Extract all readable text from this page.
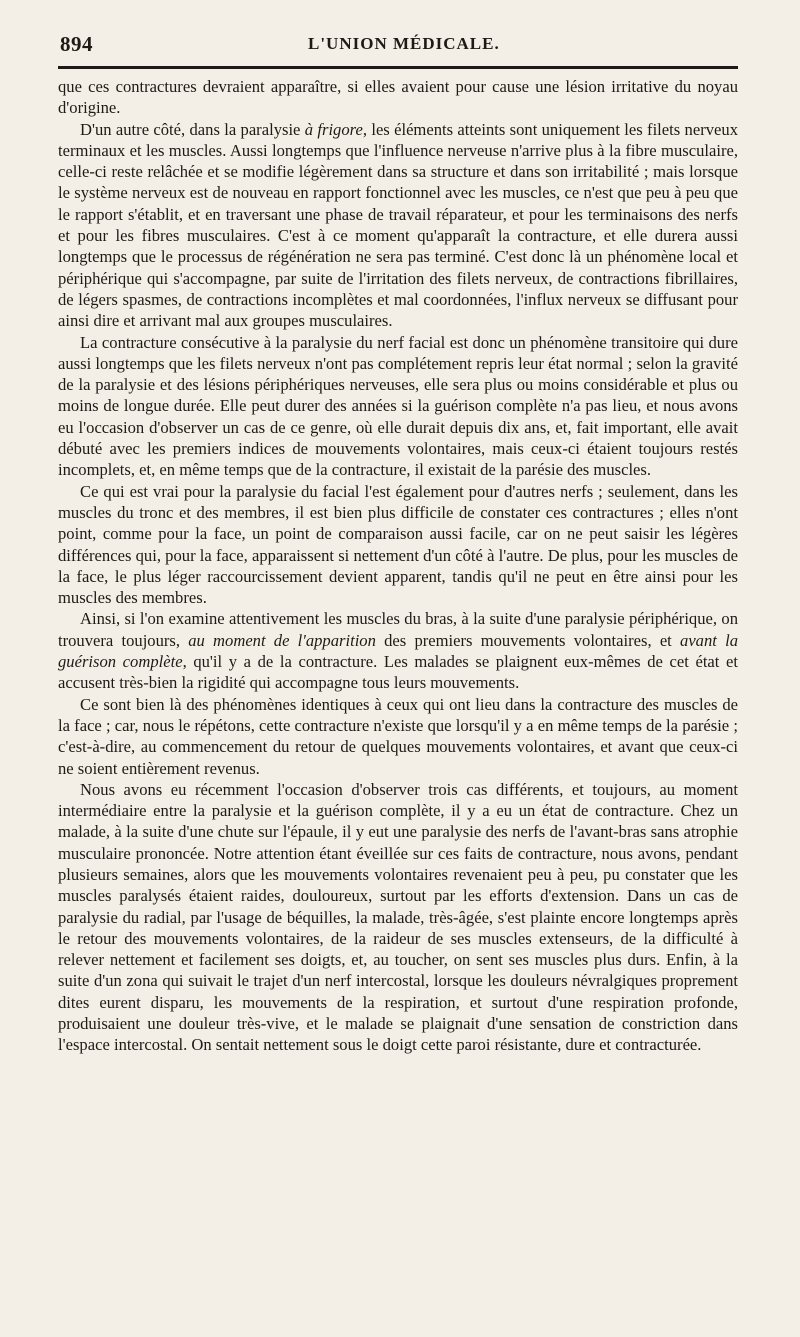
894	L'UNION MÉDICALE.

que ces contractures devraient apparaître, si elles avaient pour cause une lésion irritative du noyau d'origine.

D'un autre côté, dans la paralysie à frigore, les éléments atteints sont uniquement les filets nerveux terminaux et les muscles. Aussi longtemps que l'influence nerveuse n'arrive plus à la fibre musculaire, celle-ci reste relâchée et se modifie légèrement dans sa structure et dans son irritabilité ; mais lorsque le système nerveux est de nouveau en rapport fonctionnel avec les muscles, ce n'est que peu à peu que le rapport s'établit, et en traversant une phase de travail réparateur, et pour les terminaisons des nerfs et pour les fibres musculaires. C'est à ce moment qu'apparaît la contracture, et elle durera aussi longtemps que le processus de régénération ne sera pas terminé. C'est donc là un phénomène local et périphérique qui s'accompagne, par suite de l'irritation des filets nerveux, de contractions fibrillaires, de légers spasmes, de contractions incomplètes et mal coordonnées, l'influx nerveux se diffusant pour ainsi dire et arrivant mal aux groupes musculaires.

La contracture consécutive à la paralysie du nerf facial est donc un phénomène transitoire qui dure aussi longtemps que les filets nerveux n'ont pas complétement repris leur état normal ; selon la gravité de la paralysie et des lésions périphériques nerveuses, elle sera plus ou moins considérable et plus ou moins de longue durée. Elle peut durer des années si la guérison complète n'a pas lieu, et nous avons eu l'occasion d'observer un cas de ce genre, où elle durait depuis dix ans, et, fait important, elle avait débuté avec les premiers indices de mouvements volontaires, mais ceux-ci étaient toujours restés incomplets, et, en même temps que de la contracture, il existait de la parésie des muscles.

Ce qui est vrai pour la paralysie du facial l'est également pour d'autres nerfs ; seulement, dans les muscles du tronc et des membres, il est bien plus difficile de constater ces contractures ; elles n'ont point, comme pour la face, un point de comparaison aussi facile, car on ne peut saisir les légères différences qui, pour la face, apparaissent si nettement d'un côté à l'autre. De plus, pour les muscles de la face, le plus léger raccourcissement devient apparent, tandis qu'il ne peut en être ainsi pour les muscles des membres.

Ainsi, si l'on examine attentivement les muscles du bras, à la suite d'une paralysie périphérique, on trouvera toujours, au moment de l'apparition des premiers mouvements volontaires, et avant la guérison complète, qu'il y a de la contracture. Les malades se plaignent eux-mêmes de cet état et accusent très-bien la rigidité qui accompagne tous leurs mouvements.

Ce sont bien là des phénomènes identiques à ceux qui ont lieu dans la contracture des muscles de la face ; car, nous le répétons, cette contracture n'existe que lorsqu'il y a en même temps de la parésie ; c'est-à-dire, au commencement du retour de quelques mouvements volontaires, et avant que ceux-ci ne soient entièrement revenus.

Nous avons eu récemment l'occasion d'observer trois cas différents, et toujours, au moment intermédiaire entre la paralysie et la guérison complète, il y a eu un état de contracture. Chez un malade, à la suite d'une chute sur l'épaule, il y eut une paralysie des nerfs de l'avant-bras sans atrophie musculaire prononcée. Notre attention étant éveillée sur ces faits de contracture, nous avons, pendant plusieurs semaines, alors que les mouvements volontaires revenaient peu à peu, pu constater que les muscles paralysés étaient raides, douloureux, surtout par les efforts d'extension. Dans un cas de paralysie du radial, par l'usage de béquilles, la malade, très-âgée, s'est plainte encore longtemps après le retour des mouvements volontaires, de la raideur de ses muscles extenseurs, de la difficulté à relever nettement et facilement ses doigts, et, au toucher, on sent ses muscles plus durs. Enfin, à la suite d'un zona qui suivait le trajet d'un nerf intercostal, lorsque les douleurs névralgiques proprement dites eurent disparu, les mouvements de la respiration, et surtout d'une respiration profonde, produisaient une douleur très-vive, et le malade se plaignait d'une sensation de constriction dans l'espace intercostal. On sentait nettement sous le doigt cette paroi résistante, dure et contracturée.
